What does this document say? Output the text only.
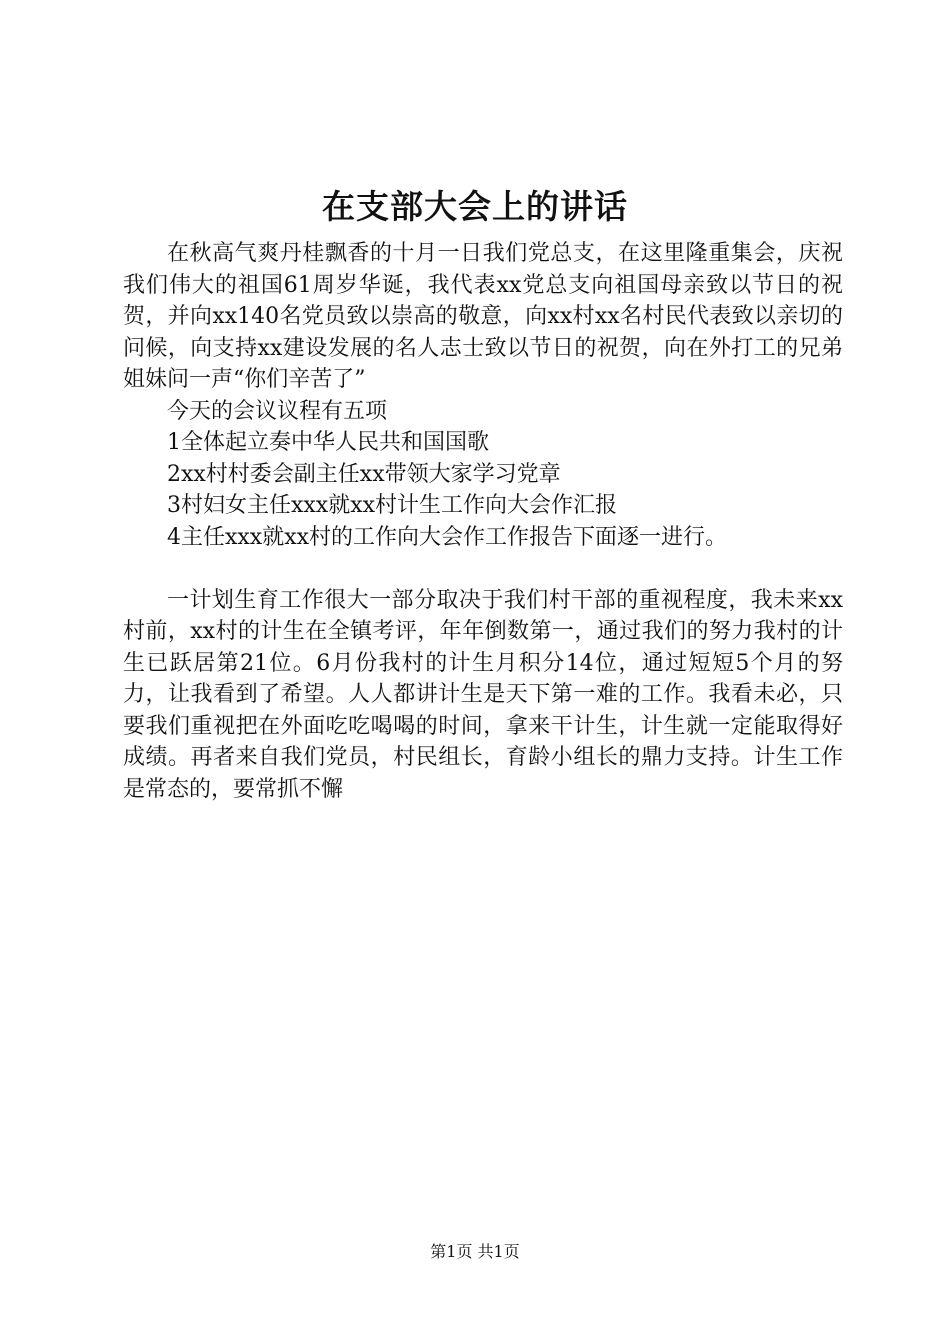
在支部大会上的讲话

在秋高气爽丹桂飘香的十月一日我们党总支，在这里隆重集会，庆祝我们伟大的祖国61周岁华诞，我代表xx党总支向祖国母亲致以节日的祝贺，并向xx140名党员致以崇高的敬意，向xx村xx名村民代表致以亲切的问候，向支持xx建设发展的名人志士致以节日的祝贺，向在外打工的兄弟姐妹问一声“你们辛苦了”

今天的会议议程有五项

1全体起立奏中华人民共和国国歌

2xx村村委会副主任xx带领大家学习党章

3村妇女主任xxx就xx村计生工作向大会作汇报

4主任xxx就xx村的工作向大会作工作报告下面逐一进行。

一计划生育工作很大一部分取决于我们村干部的重视程度，我未来xx村前，xx村的计生在全镇考评，年年倒数第一，通过我们的努力我村的计生已跃居第21位。6月份我村的计生月积分14位，通过短短5个月的努力，让我看到了希望。人人都讲计生是天下第一难的工作。我看未必，只要我们重视把在外面吃吃喝喝的时间，拿来干计生，计生就一定能取得好成绩。再者来自我们党员，村民组长，育龄小组长的鼎力支持。计生工作是常态的，要常抓不懈

第1页 共1页
